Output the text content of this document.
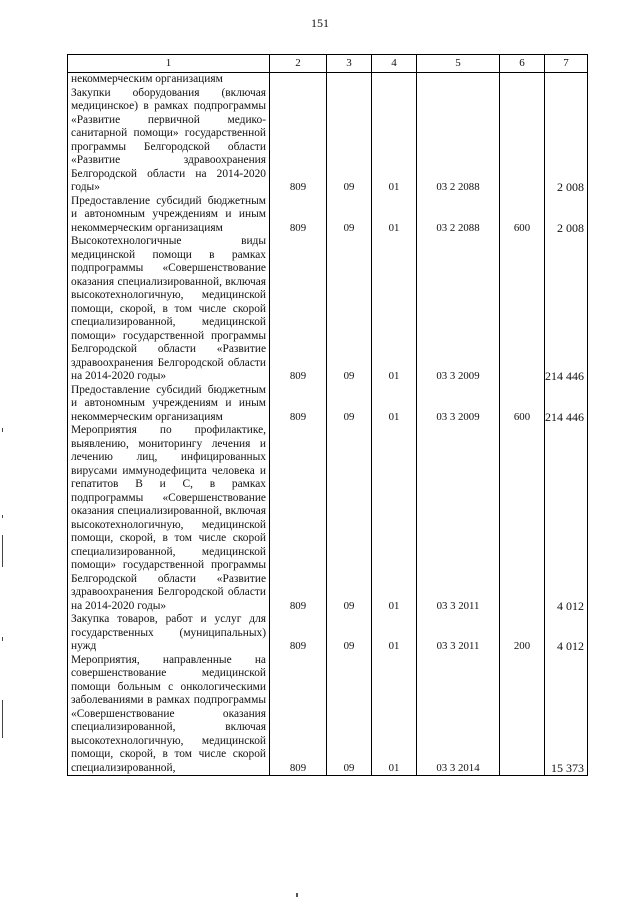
151
1	2	3	4	5	6	7
некоммерческим организациям						
Закупки оборудования (включая медицинское) в рамках подпрограммы «Развитие первичной медико-санитарной помощи» государственной программы Белгородской области «Развитие здравоохранения Белгородской области на 2014-2020 годы»	809	09	01	03 2 2088		2 008
Предоставление субсидий бюджетным и автономным учреждениям и иным некоммерческим организациям	809	09	01	03 2 2088	600	2 008
Высокотехнологичные виды медицинской помощи в рамках подпрограммы «Совершенствование оказания специализированной, включая высокотехнологичную, медицинской помощи, скорой, в том числе скорой специализированной, медицинской помощи» государственной программы Белгородской области «Развитие здравоохранения Белгородской области на 2014-2020 годы»	809	09	01	03 3 2009		214 446
Предоставление субсидий бюджетным и автономным учреждениям и иным некоммерческим организациям	809	09	01	03 3 2009	600	214 446
Мероприятия по профилактике, выявлению, мониторингу лечения и лечению лиц, инфицированных вирусами иммунодефицита человека и гепатитов В и С, в рамках подпрограммы «Совершенствование оказания специализированной, включая высокотехнологичную, медицинской помощи, скорой, в том числе скорой специализированной, медицинской помощи» государственной программы Белгородской области «Развитие здравоохранения Белгородской области на 2014-2020 годы»	809	09	01	03 3 2011		4 012
Закупка товаров, работ и услуг для государственных (муниципальных) нужд	809	09	01	03 3 2011	200	4 012
Мероприятия, направленные на совершенствование медицинской помощи больным с онкологическими заболеваниями в рамках подпрограммы «Совершенствование оказания специализированной, включая высокотехнологичную, медицинской помощи, скорой, в том числе скорой специализированной,	809	09	01	03 3 2014		15 373
